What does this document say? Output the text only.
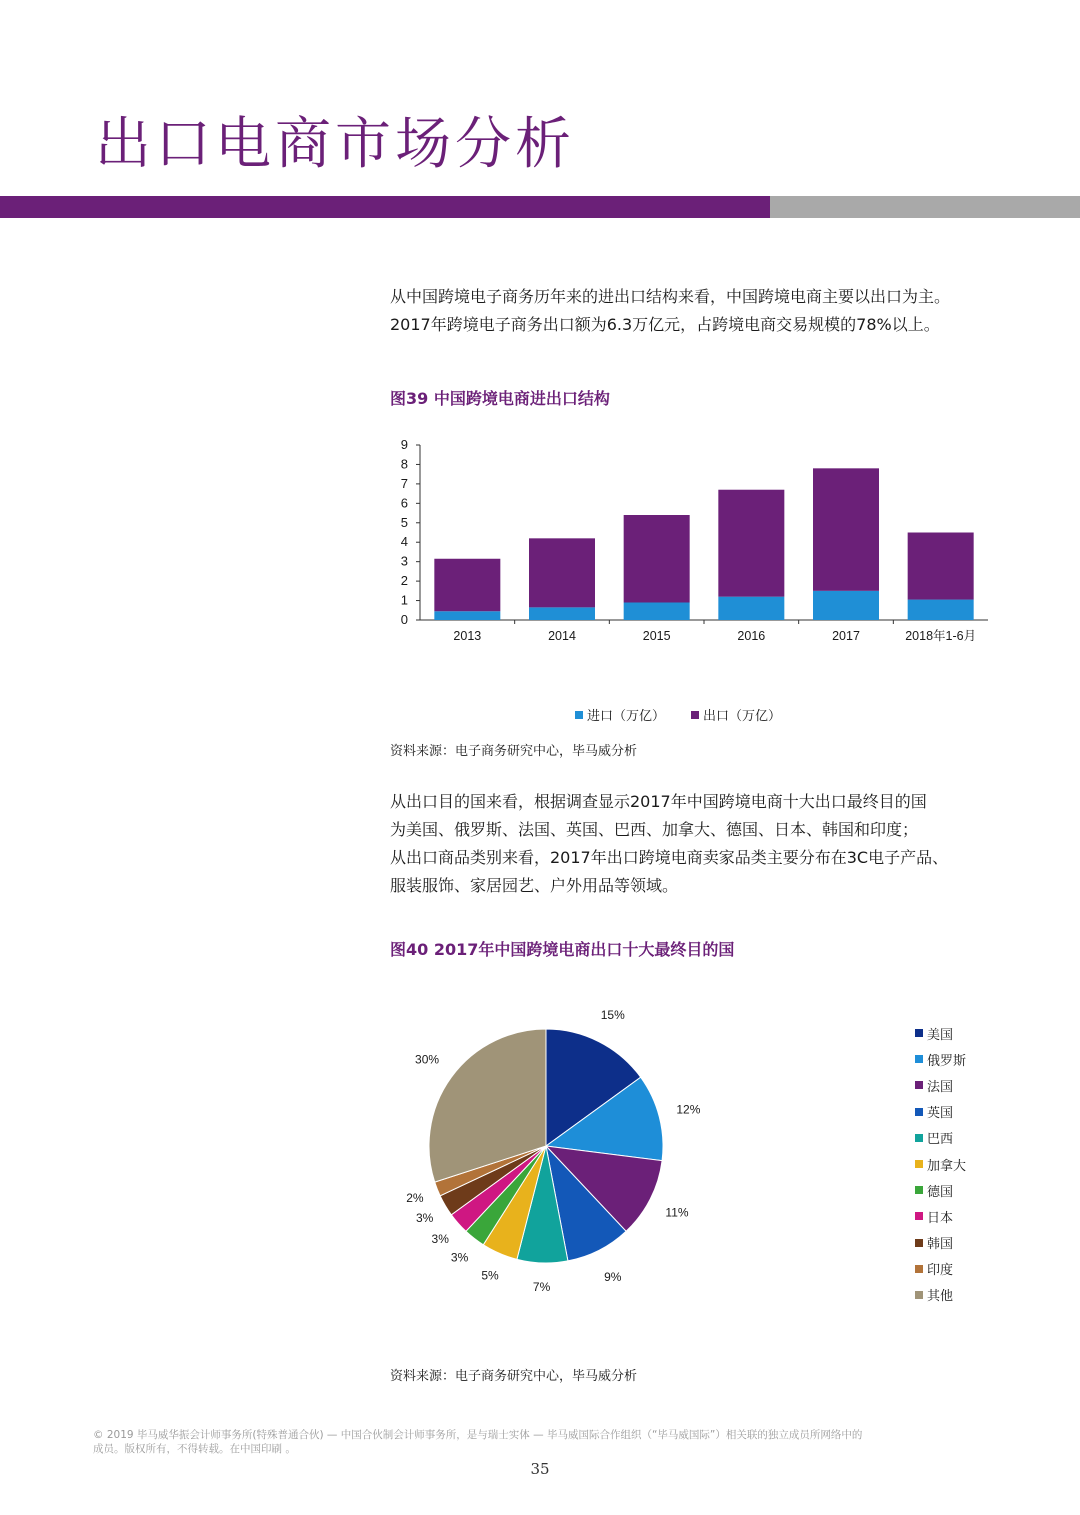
出口电商市场分析

从中国跨境电子商务历年来的进出口结构来看，中国跨境电商主要以出口为主。

2017年跨境电子商务出口额为6.3万亿元，占跨境电商交易规模的78%以上。

图39 中国跨境电商进出口结构
0
1
2
3
4
5
6
7
8
9
2013	2014	2015	2016	2017	2018年1-6月
进口（万亿）	出口（万亿）
资料来源：电子商务研究中心，毕马威分析

从出口目的国来看，根据调查显示2017年中国跨境电商十大出口最终目的国

为美国、俄罗斯、法国、英国、巴西、加拿大、德国、日本、韩国和印度；

从出口商品类别来看，2017年出口跨境电商卖家品类主要分布在3C电子产品、

服装服饰、家居园艺、户外用品等领域。

图40 2017年中国跨境电商出口十大最终目的国
15%
12%
11%
9%
7%
5%
3%
3%
3%
2%
30%
美国
俄罗斯
法国
英国
巴西
加拿大
德国
日本
韩国
印度
其他
资料来源：电子商务研究中心，毕马威分析

© 2019 毕马威华振会计师事务所(特殊普通合伙) — 中国合伙制会计师事务所，是与瑞士实体 — 毕马威国际合作组织（“毕马威国际”）相关联的独立成员所网络中的

成员。版权所有，不得转载。在中国印刷 。

35
